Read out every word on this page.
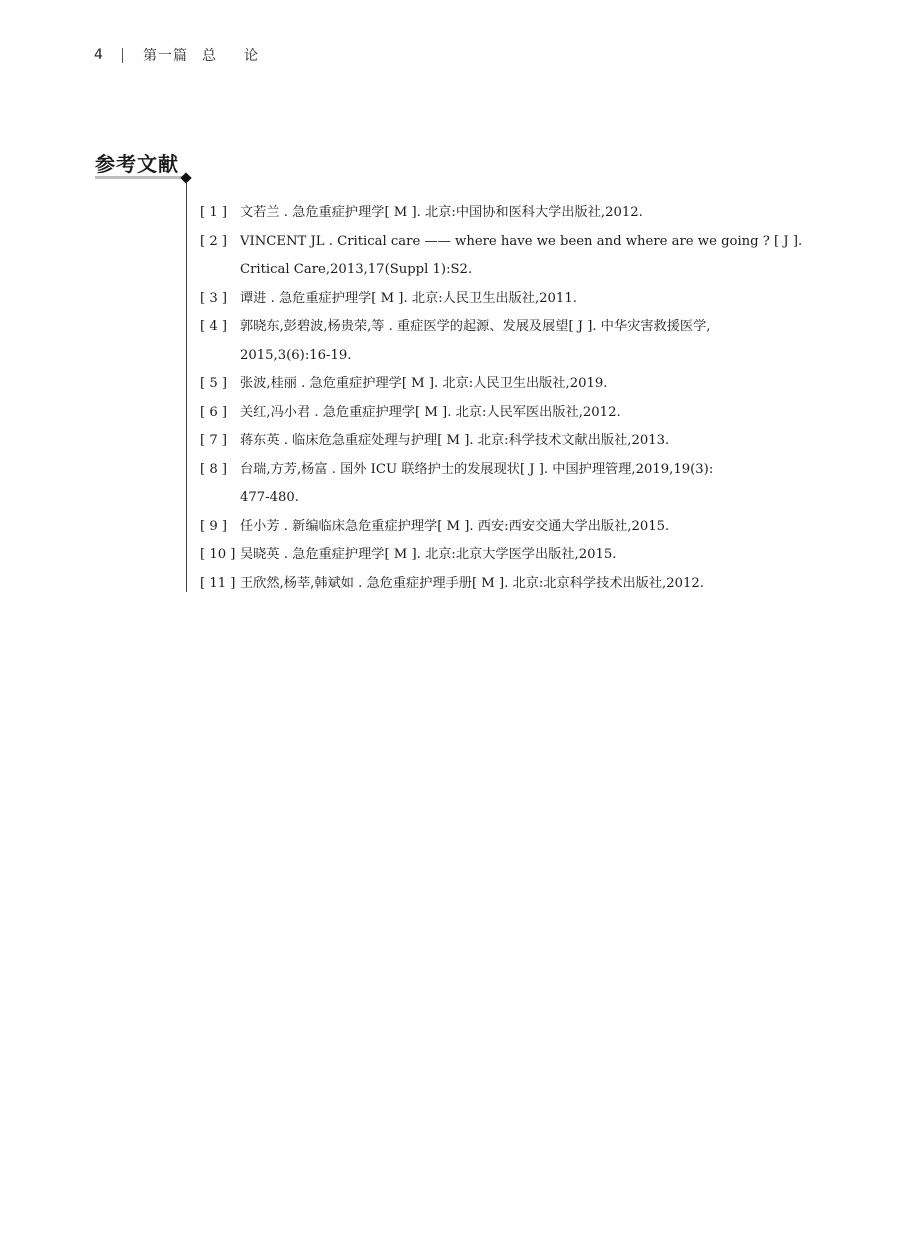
4	第一篇 总论
参考文献
[ 1 ] 文若兰 . 急危重症护理学[ M ]. 北京:中国协和医科大学出版社,2012.
[ 2 ] VINCENT JL . Critical care —— where have we been and where are we going ? [ J ].
Critical Care,2013,17(Suppl 1):S2.
[ 3 ] 谭进 . 急危重症护理学[ M ]. 北京:人民卫生出版社,2011.
[ 4 ] 郭晓东,彭碧波,杨贵荣,等 . 重症医学的起源、发展及展望[ J ]. 中华灾害救援医学,
2015,3(6):16-19.
[ 5 ] 张波,桂丽 . 急危重症护理学[ M ]. 北京:人民卫生出版社,2019.
[ 6 ] 关红,冯小君 . 急危重症护理学[ M ]. 北京:人民军医出版社,2012.
[ 7 ] 蒋东英 . 临床危急重症处理与护理[ M ]. 北京:科学技术文献出版社,2013.
[ 8 ] 台瑞,方芳,杨富 . 国外 ICU 联络护士的发展现状[ J ]. 中国护理管理,2019,19(3):
477-480.
[ 9 ] 任小芳 . 新编临床急危重症护理学[ M ]. 西安:西安交通大学出版社,2015.
[ 10 ] 吴晓英 . 急危重症护理学[ M ]. 北京:北京大学医学出版社,2015.
[ 11 ] 王欣然,杨莘,韩斌如 . 急危重症护理手册[ M ]. 北京:北京科学技术出版社,2012.
